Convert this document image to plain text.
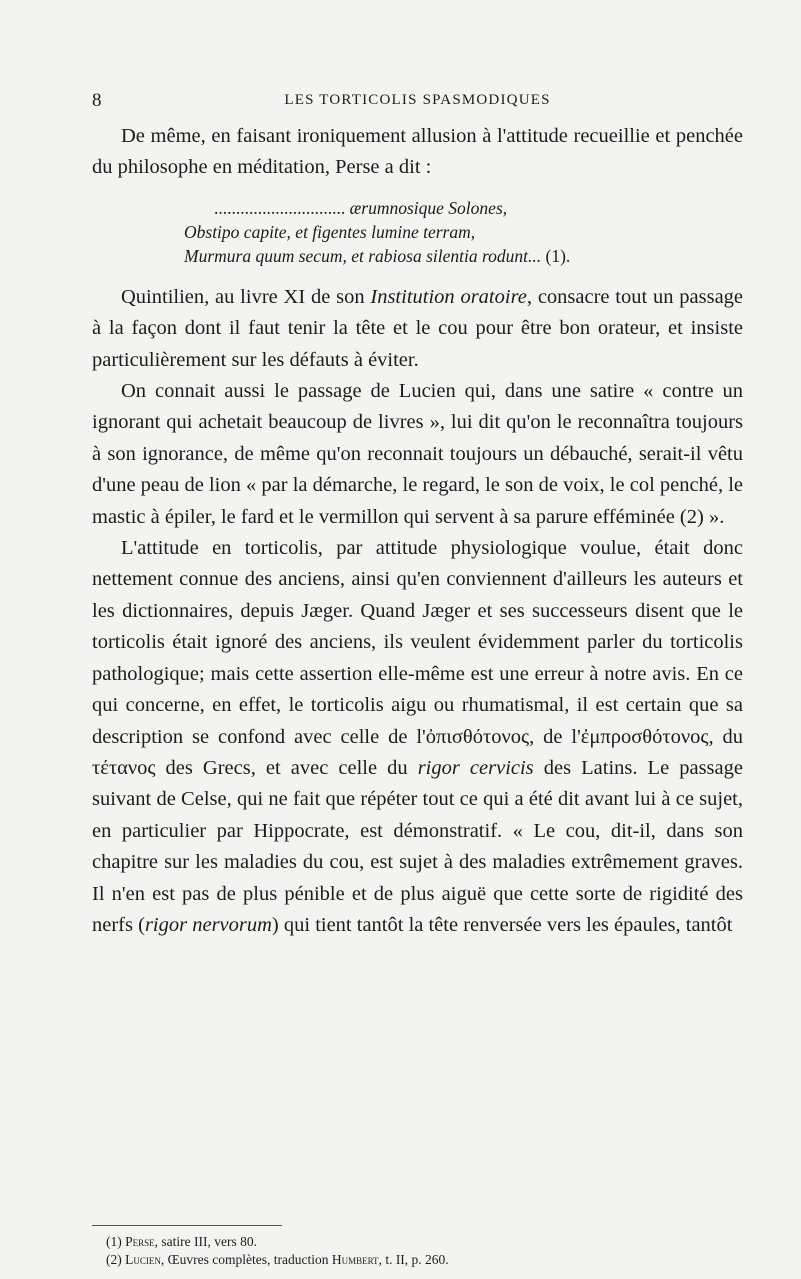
8	LES TORTICOLIS SPASMODIQUES

De même, en faisant ironiquement allusion à l'attitude recueillie et penchée du philosophe en méditation, Perse a dit :

.............................. ærumnosique Solones,
Obstipo capite, et figentes lumine terram,
Murmura quum secum, et rabiosa silentia rodunt... (1).

Quintilien, au livre XI de son Institution oratoire, consacre tout un passage à la façon dont il faut tenir la tête et le cou pour être bon orateur, et insiste particulièrement sur les défauts à éviter.

On connait aussi le passage de Lucien qui, dans une satire « contre un ignorant qui achetait beaucoup de livres », lui dit qu'on le reconnaîtra toujours à son ignorance, de même qu'on reconnait toujours un débauché, serait-il vêtu d'une peau de lion « par la démarche, le regard, le son de voix, le col penché, le mastic à épiler, le fard et le vermillon qui servent à sa parure efféminée (2) ».

L'attitude en torticolis, par attitude physiologique voulue, était donc nettement connue des anciens, ainsi qu'en conviennent d'ailleurs les auteurs et les dictionnaires, depuis Jæger. Quand Jæger et ses successeurs disent que le torticolis était ignoré des anciens, ils veulent évidemment parler du torticolis pathologique; mais cette assertion elle-même est une erreur à notre avis. En ce qui concerne, en effet, le torticolis aigu ou rhumatismal, il est certain que sa description se confond avec celle de l'ὀπισθότονος, de l'ἐμπροσθότονος, du τέτανος des Grecs, et avec celle du rigor cervicis des Latins. Le passage suivant de Celse, qui ne fait que répéter tout ce qui a été dit avant lui à ce sujet, en particulier par Hippocrate, est démonstratif. « Le cou, dit-il, dans son chapitre sur les maladies du cou, est sujet à des maladies extrêmement graves. Il n'en est pas de plus pénible et de plus aiguë que cette sorte de rigidité des nerfs (rigor nervorum) qui tient tantôt la tête renversée vers les épaules, tantôt

(1) Perse, satire III, vers 80.
(2) Lucien, Œuvres complètes, traduction Humbert, t. II, p. 260.
